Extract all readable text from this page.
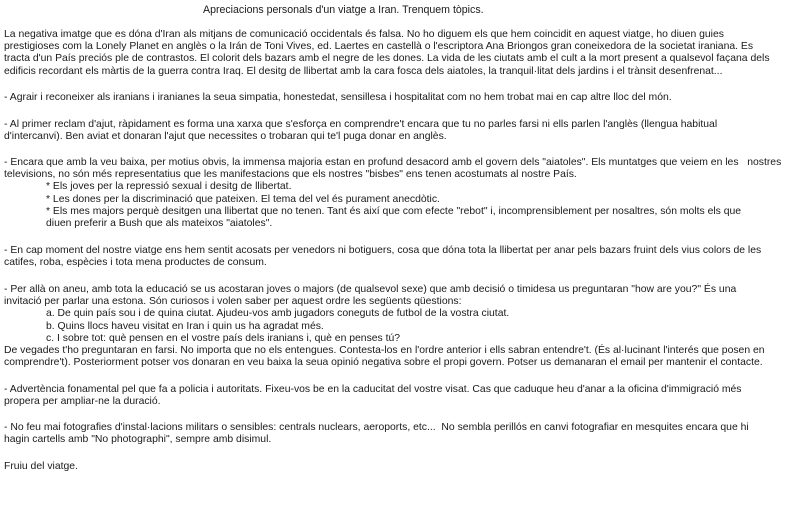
Apreciacions personals d'un viatge a Iran. Trenquem tòpics.
La negativa imatge que es dóna d'Iran als mitjans de comunicació occidentals és falsa. No ho diguem els que hem coincidit en aquest viatge, ho diuen guies
prestigioses com la Lonely Planet en anglès o la Irán de Toni Vives, ed. Laertes en castellà o l'escriptora Ana Briongos gran coneixedora de la societat iraniana. Es
tracta d'un País preciós ple de contrastos. El colorit dels bazars amb el negre de les dones. La vida de les ciutats amb el cult a la mort present a qualsevol façana dels
edificis recordant els màrtis de la guerra contra Iraq. El desitg de llibertat amb la cara fosca dels aiatoles, la tranquil·litat dels jardins i el trànsit desenfrenat...
- Agrair i reconeixer als iranians i iranianes la seua simpatia, honestedat, sensillesa i hospitalitat com no hem trobat mai en cap altre lloc del món.
- Al primer reclam d'ajut, ràpidament es forma una xarxa que s'esforça en comprendre't encara que tu no parles farsi ni ells parlen l'anglès (llengua habitual
d'intercanvi). Ben aviat et donaran l'ajut que necessites o trobaran qui te'l puga donar en anglès.
- Encara que amb la veu baixa, per motius obvis, la immensa majoria estan en profund desacord amb el govern dels "aiatoles". Els muntatges que veiem en les   nostres
televisions, no són més representatius que les manifestacions que els nostres "bisbes" ens tenen acostumats al nostre País.
* Els joves per la repressió sexual i desitg de llibertat.
* Les dones per la discriminació que pateixen. El tema del vel és purament anecdòtic.
* Els mes majors perquè desitgen una llibertat que no tenen. Tant és així que com efecte "rebot" i, incomprensiblement per nosaltres, són molts els que
diuen preferir a Bush que als mateixos "aiatoles".
- En cap moment del nostre viatge ens hem sentit acosats per venedors ni botiguers, cosa que dóna tota la llibertat per anar pels bazars fruint dels vius colors de les
catifes, roba, espècies i tota mena productes de consum.
- Per allà on aneu, amb tota la educació se us acostaran joves o majors (de qualsevol sexe) que amb decisió o timidesa us preguntaran "how are you?" És una
invitació per parlar una estona. Són curiosos i volen saber per aquest ordre les següents qüestions:
a. De quin país sou i de quina ciutat. Ajudeu-vos amb jugadors coneguts de futbol de la vostra ciutat.
b. Quins llocs haveu visitat en Iran i quin us ha agradat més.
c. I sobre tot: què pensen en el vostre país dels iranians i, què en penses tú?
De vegades t'ho preguntaran en farsi. No importa que no els entengues. Contesta-los en l'ordre anterior i ells sabran entendre't. (És al·lucinant l'interés que posen en
comprendre't). Posteriorment potser vos donaran en veu baixa la seua opinió negativa sobre el propi govern. Potser us demanaran el email per mantenir el contacte.
- Advertència fonamental pel que fa a policia i autoritats. Fixeu-vos be en la caducitat del vostre visat. Cas que caduque heu d'anar a la oficina d'immigració més
propera per ampliar-ne la duració.
- No feu mai fotografies d'instal·lacions militars o sensibles: centrals nuclears, aeroports, etc...  No sembla perillós en canvi fotografiar en mesquites encara que hi
hagin cartells amb "No photographi", sempre amb disimul.
Fruiu del viatge.
